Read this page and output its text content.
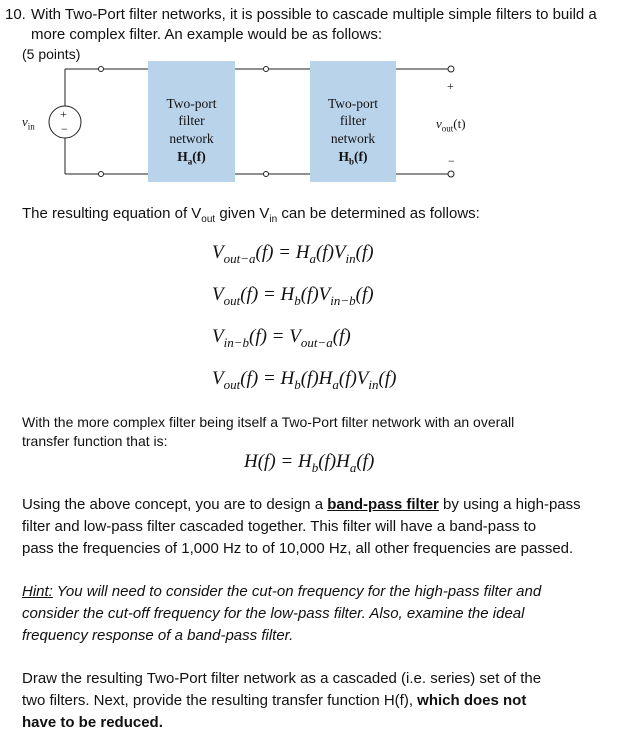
10. With Two-Port filter networks, it is possible to cascade multiple simple filters to build a
more complex filter. An example would be as follows:
(5 points)
+
−
$v_{in}$
Two-port
filter
network
$H_a(f)$
Two-port
filter
network
$H_b(f)$
+
−
$v_{out}(t)$
The resulting equation of $V_{out}$ given $V_{in}$ can be determined as follows:
$V_{out-a}(f) = H_a(f)V_{in}(f)$
$V_{out}(f) = H_b(f)V_{in-b}(f)$
$V_{in-b}(f) = V_{out-a}(f)$
$V_{out}(f) = H_b(f)H_a(f)V_{in}(f)$
With the more complex filter being itself a Two-Port filter network with an overall
transfer function that is:
$H(f) = H_b(f)H_a(f)$
Using the above concept, you are to design a band-pass filter by using a high-pass
filter and low-pass filter cascaded together. This filter will have a band-pass to
pass the frequencies of 1,000 Hz to of 10,000 Hz, all other frequencies are passed.
Hint: You will need to consider the cut-on frequency for the high-pass filter and
consider the cut-off frequency for the low-pass filter. Also, examine the ideal
frequency response of a band-pass filter.
Draw the resulting Two-Port filter network as a cascaded (i.e. series) set of the
two filters. Next, provide the resulting transfer function H(f), which does not
have to be reduced.
